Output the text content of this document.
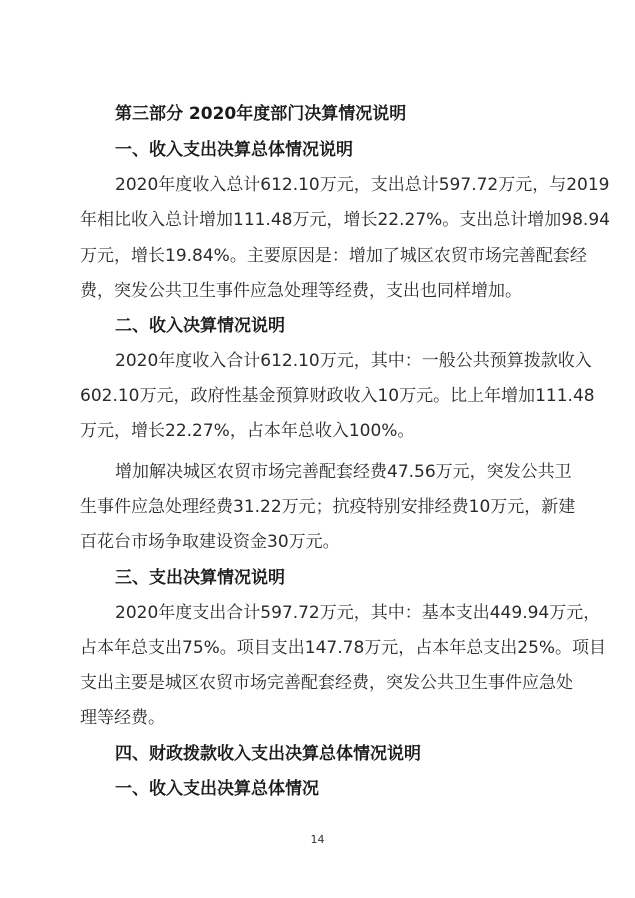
第三部分 2020年度部门决算情况说明
一、收入支出决算总体情况说明
2020年度收入总计612.10万元，支出总计597.72万元，与2019
年相比收入总计增加111.48万元，增长22.27%。支出总计增加98.94
万元，增长19.84%。主要原因是：增加了城区农贸市场完善配套经
费，突发公共卫生事件应急处理等经费，支出也同样增加。
二、收入决算情况说明
2020年度收入合计612.10万元，其中：一般公共预算拨款收入
602.10万元，政府性基金预算财政收入10万元。比上年增加111.48
万元，增长22.27%，占本年总收入100%。
增加解决城区农贸市场完善配套经费47.56万元，突发公共卫
生事件应急处理经费31.22万元；抗疫特别安排经费10万元，新建
百花台市场争取建设资金30万元。
三、支出决算情况说明
2020年度支出合计597.72万元，其中：基本支出449.94万元，
占本年总支出75%。项目支出147.78万元，占本年总支出25%。项目
支出主要是城区农贸市场完善配套经费，突发公共卫生事件应急处
理等经费。
四、财政拨款收入支出决算总体情况说明
一、收入支出决算总体情况
14
